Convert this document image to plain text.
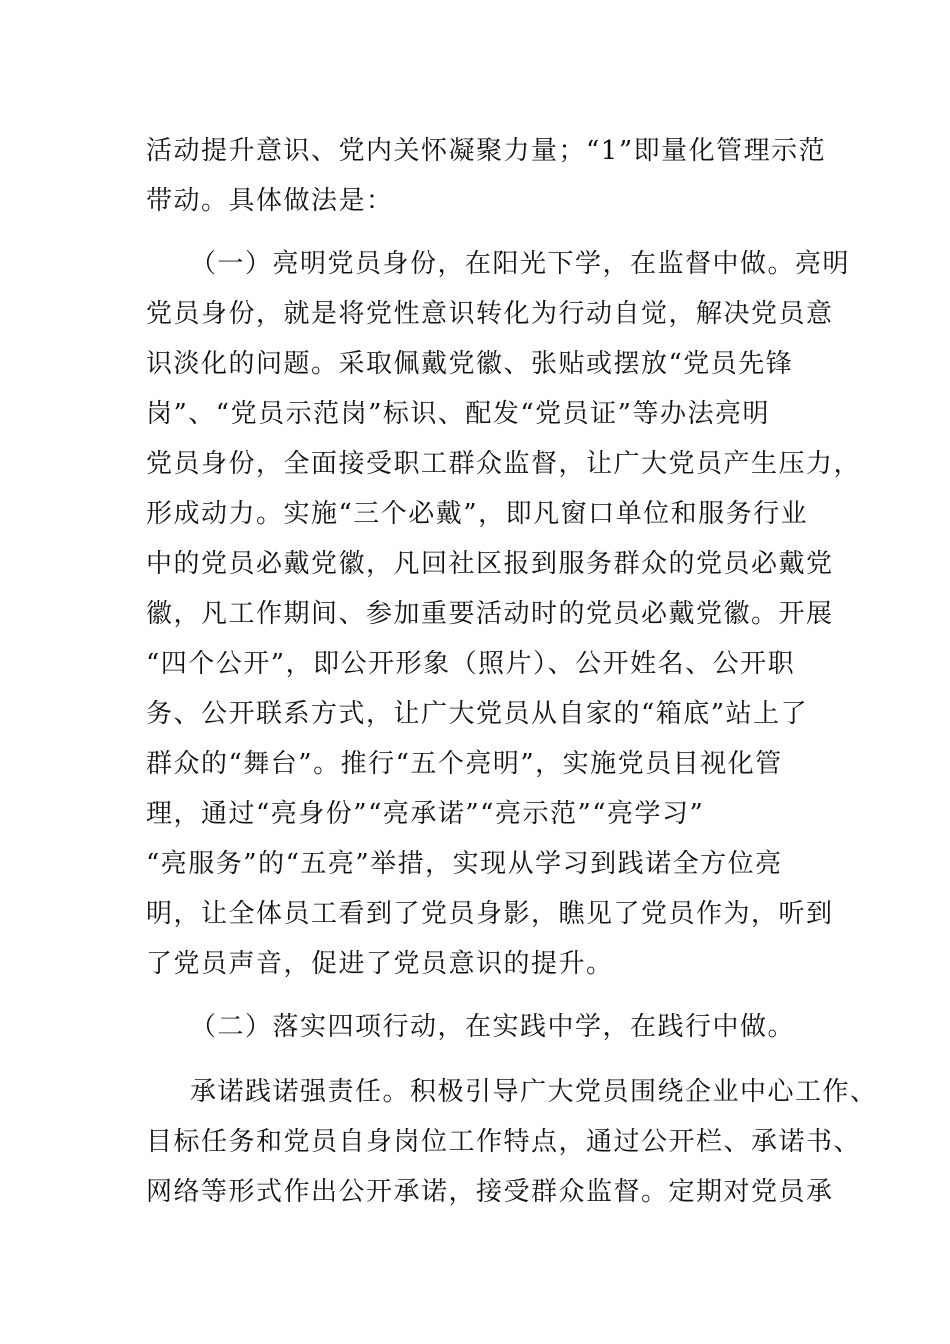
活动提升意识、党内关怀凝聚力量；“1”即量化管理示范
带动。具体做法是：
（一）亮明党员身份，在阳光下学，在监督中做。亮明
党员身份，就是将党性意识转化为行动自觉，解决党员意
识淡化的问题。采取佩戴党徽、张贴或摆放“党员先锋
岗”、“党员示范岗”标识、配发“党员证”等办法亮明
党员身份，全面接受职工群众监督，让广大党员产生压力，
形成动力。实施“三个必戴”，即凡窗口单位和服务行业
中的党员必戴党徽，凡回社区报到服务群众的党员必戴党
徽，凡工作期间、参加重要活动时的党员必戴党徽。开展
“四个公开”，即公开形象（照片）、公开姓名、公开职
务、公开联系方式，让广大党员从自家的“箱底”站上了
群众的“舞台”。推行“五个亮明”，实施党员目视化管
理，通过“亮身份”“亮承诺”“亮示范”“亮学习”
“亮服务”的“五亮”举措，实现从学习到践诺全方位亮
明，让全体员工看到了党员身影，瞧见了党员作为，听到
了党员声音，促进了党员意识的提升。
（二）落实四项行动，在实践中学，在践行中做。
承诺践诺强责任。积极引导广大党员围绕企业中心工作、
目标任务和党员自身岗位工作特点，通过公开栏、承诺书、
网络等形式作出公开承诺，接受群众监督。定期对党员承
